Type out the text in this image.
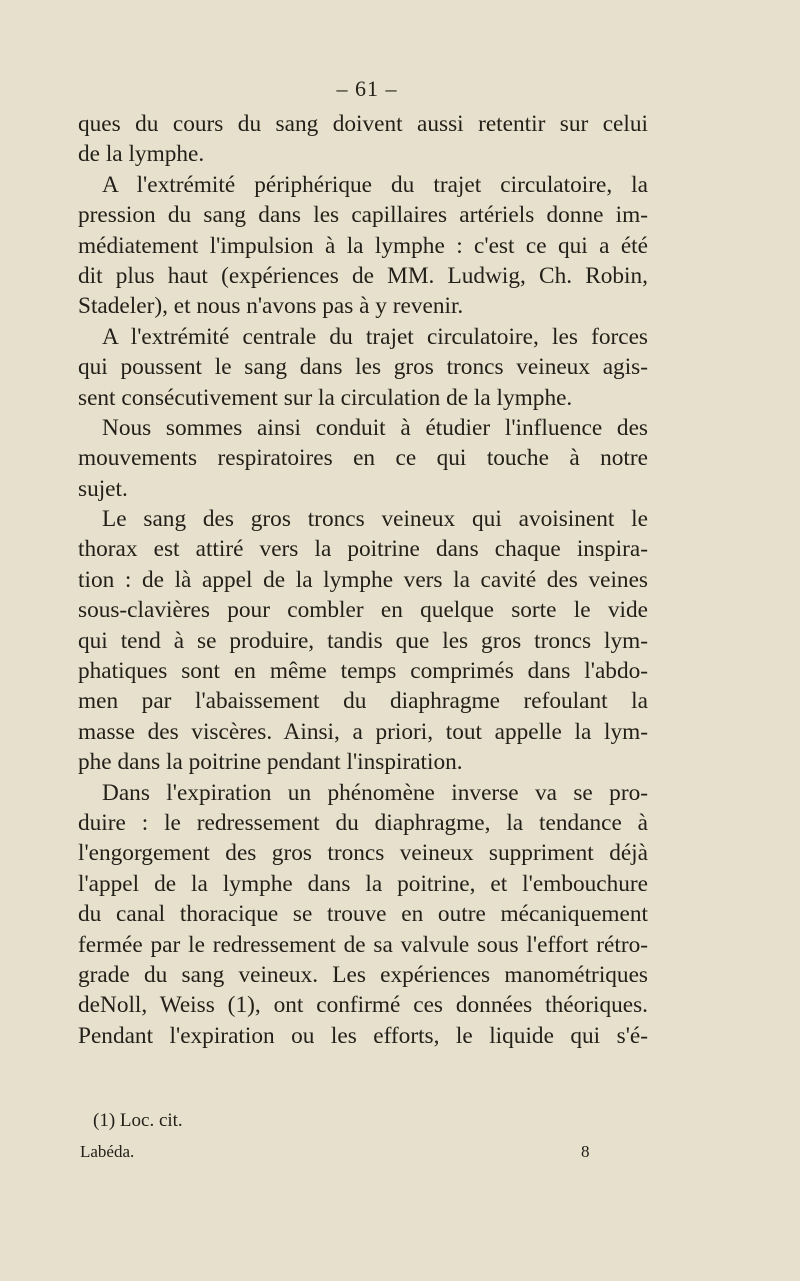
– 61 –
ques du cours du sang doivent aussi retentir sur celui
de la lymphe.
A l'extrémité périphérique du trajet circulatoire, la
pression du sang dans les capillaires artériels donne im-
médiatement l'impulsion à la lymphe : c'est ce qui a été
dit plus haut (expériences de MM. Ludwig, Ch. Robin,
Stadeler), et nous n'avons pas à y revenir.
A l'extrémité centrale du trajet circulatoire, les forces
qui poussent le sang dans les gros troncs veineux agis-
sent consécutivement sur la circulation de la lymphe.
Nous sommes ainsi conduit à étudier l'influence des
mouvements respiratoires en ce qui touche à notre
sujet.
Le sang des gros troncs veineux qui avoisinent le
thorax est attiré vers la poitrine dans chaque inspira-
tion : de là appel de la lymphe vers la cavité des veines
sous-clavières pour combler en quelque sorte le vide
qui tend à se produire, tandis que les gros troncs lym-
phatiques sont en même temps comprimés dans l'abdo-
men par l'abaissement du diaphragme refoulant la
masse des viscères. Ainsi, a priori, tout appelle la lym-
phe dans la poitrine pendant l'inspiration.
Dans l'expiration un phénomène inverse va se pro-
duire : le redressement du diaphragme, la tendance à
l'engorgement des gros troncs veineux suppriment déjà
l'appel de la lymphe dans la poitrine, et l'embouchure
du canal thoracique se trouve en outre mécaniquement
fermée par le redressement de sa valvule sous l'effort rétro-
grade du sang veineux. Les expériences manométriques
deNoll, Weiss (1), ont confirmé ces données théoriques.
Pendant l'expiration ou les efforts, le liquide qui s'é-
(1) Loc. cit.
Labéda.	8
